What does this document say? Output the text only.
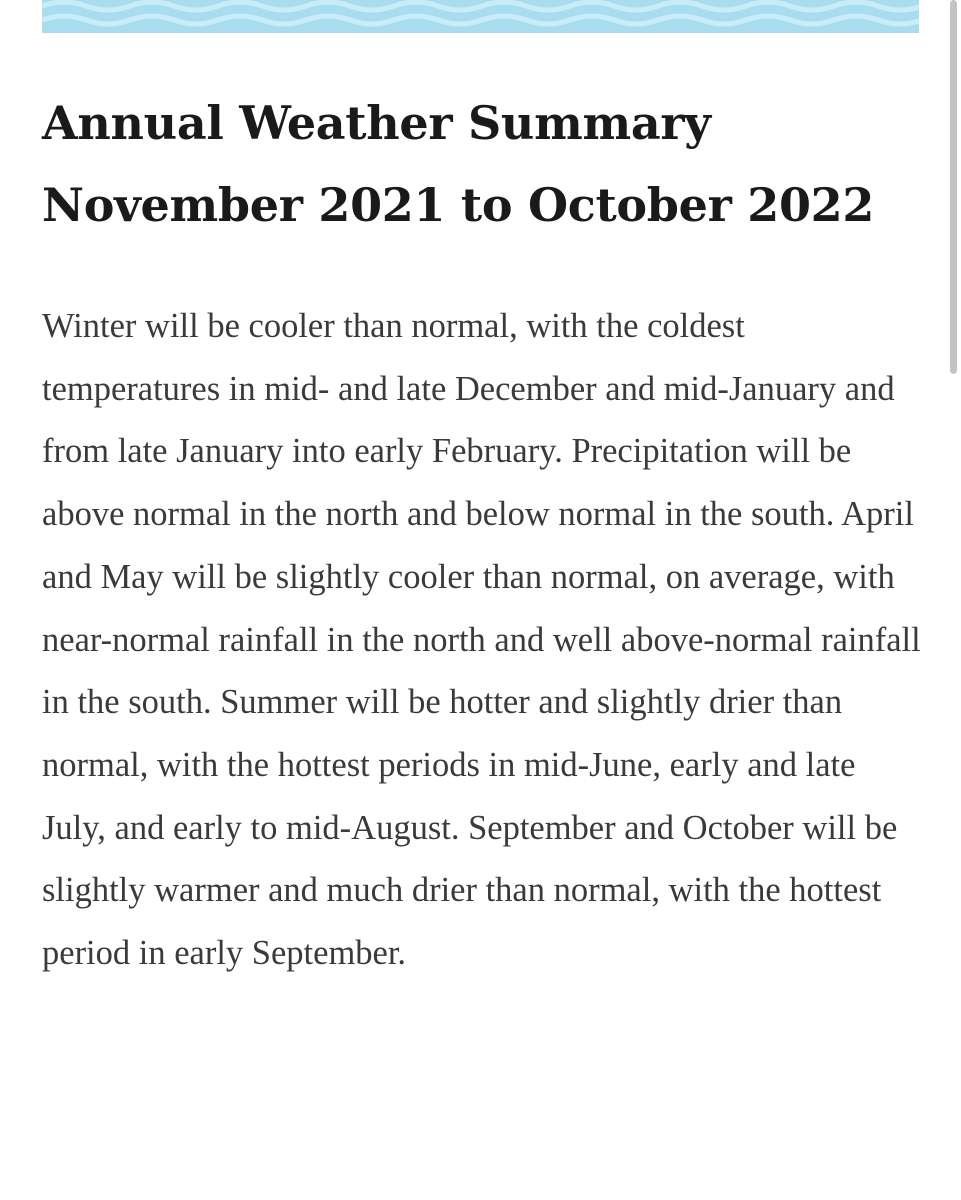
Annual Weather Summary
November 2021 to October 2022

Winter will be cooler than normal, with the coldest temperatures in mid- and late December and mid-January and from late January into early February. Precipitation will be above normal in the north and below normal in the south. April and May will be slightly cooler than normal, on average, with near-normal rainfall in the north and well above-normal rainfall in the south. Summer will be hotter and slightly drier than normal, with the hottest periods in mid-June, early and late July, and early to mid-August. September and October will be slightly warmer and much drier than normal, with the hottest period in early September.
